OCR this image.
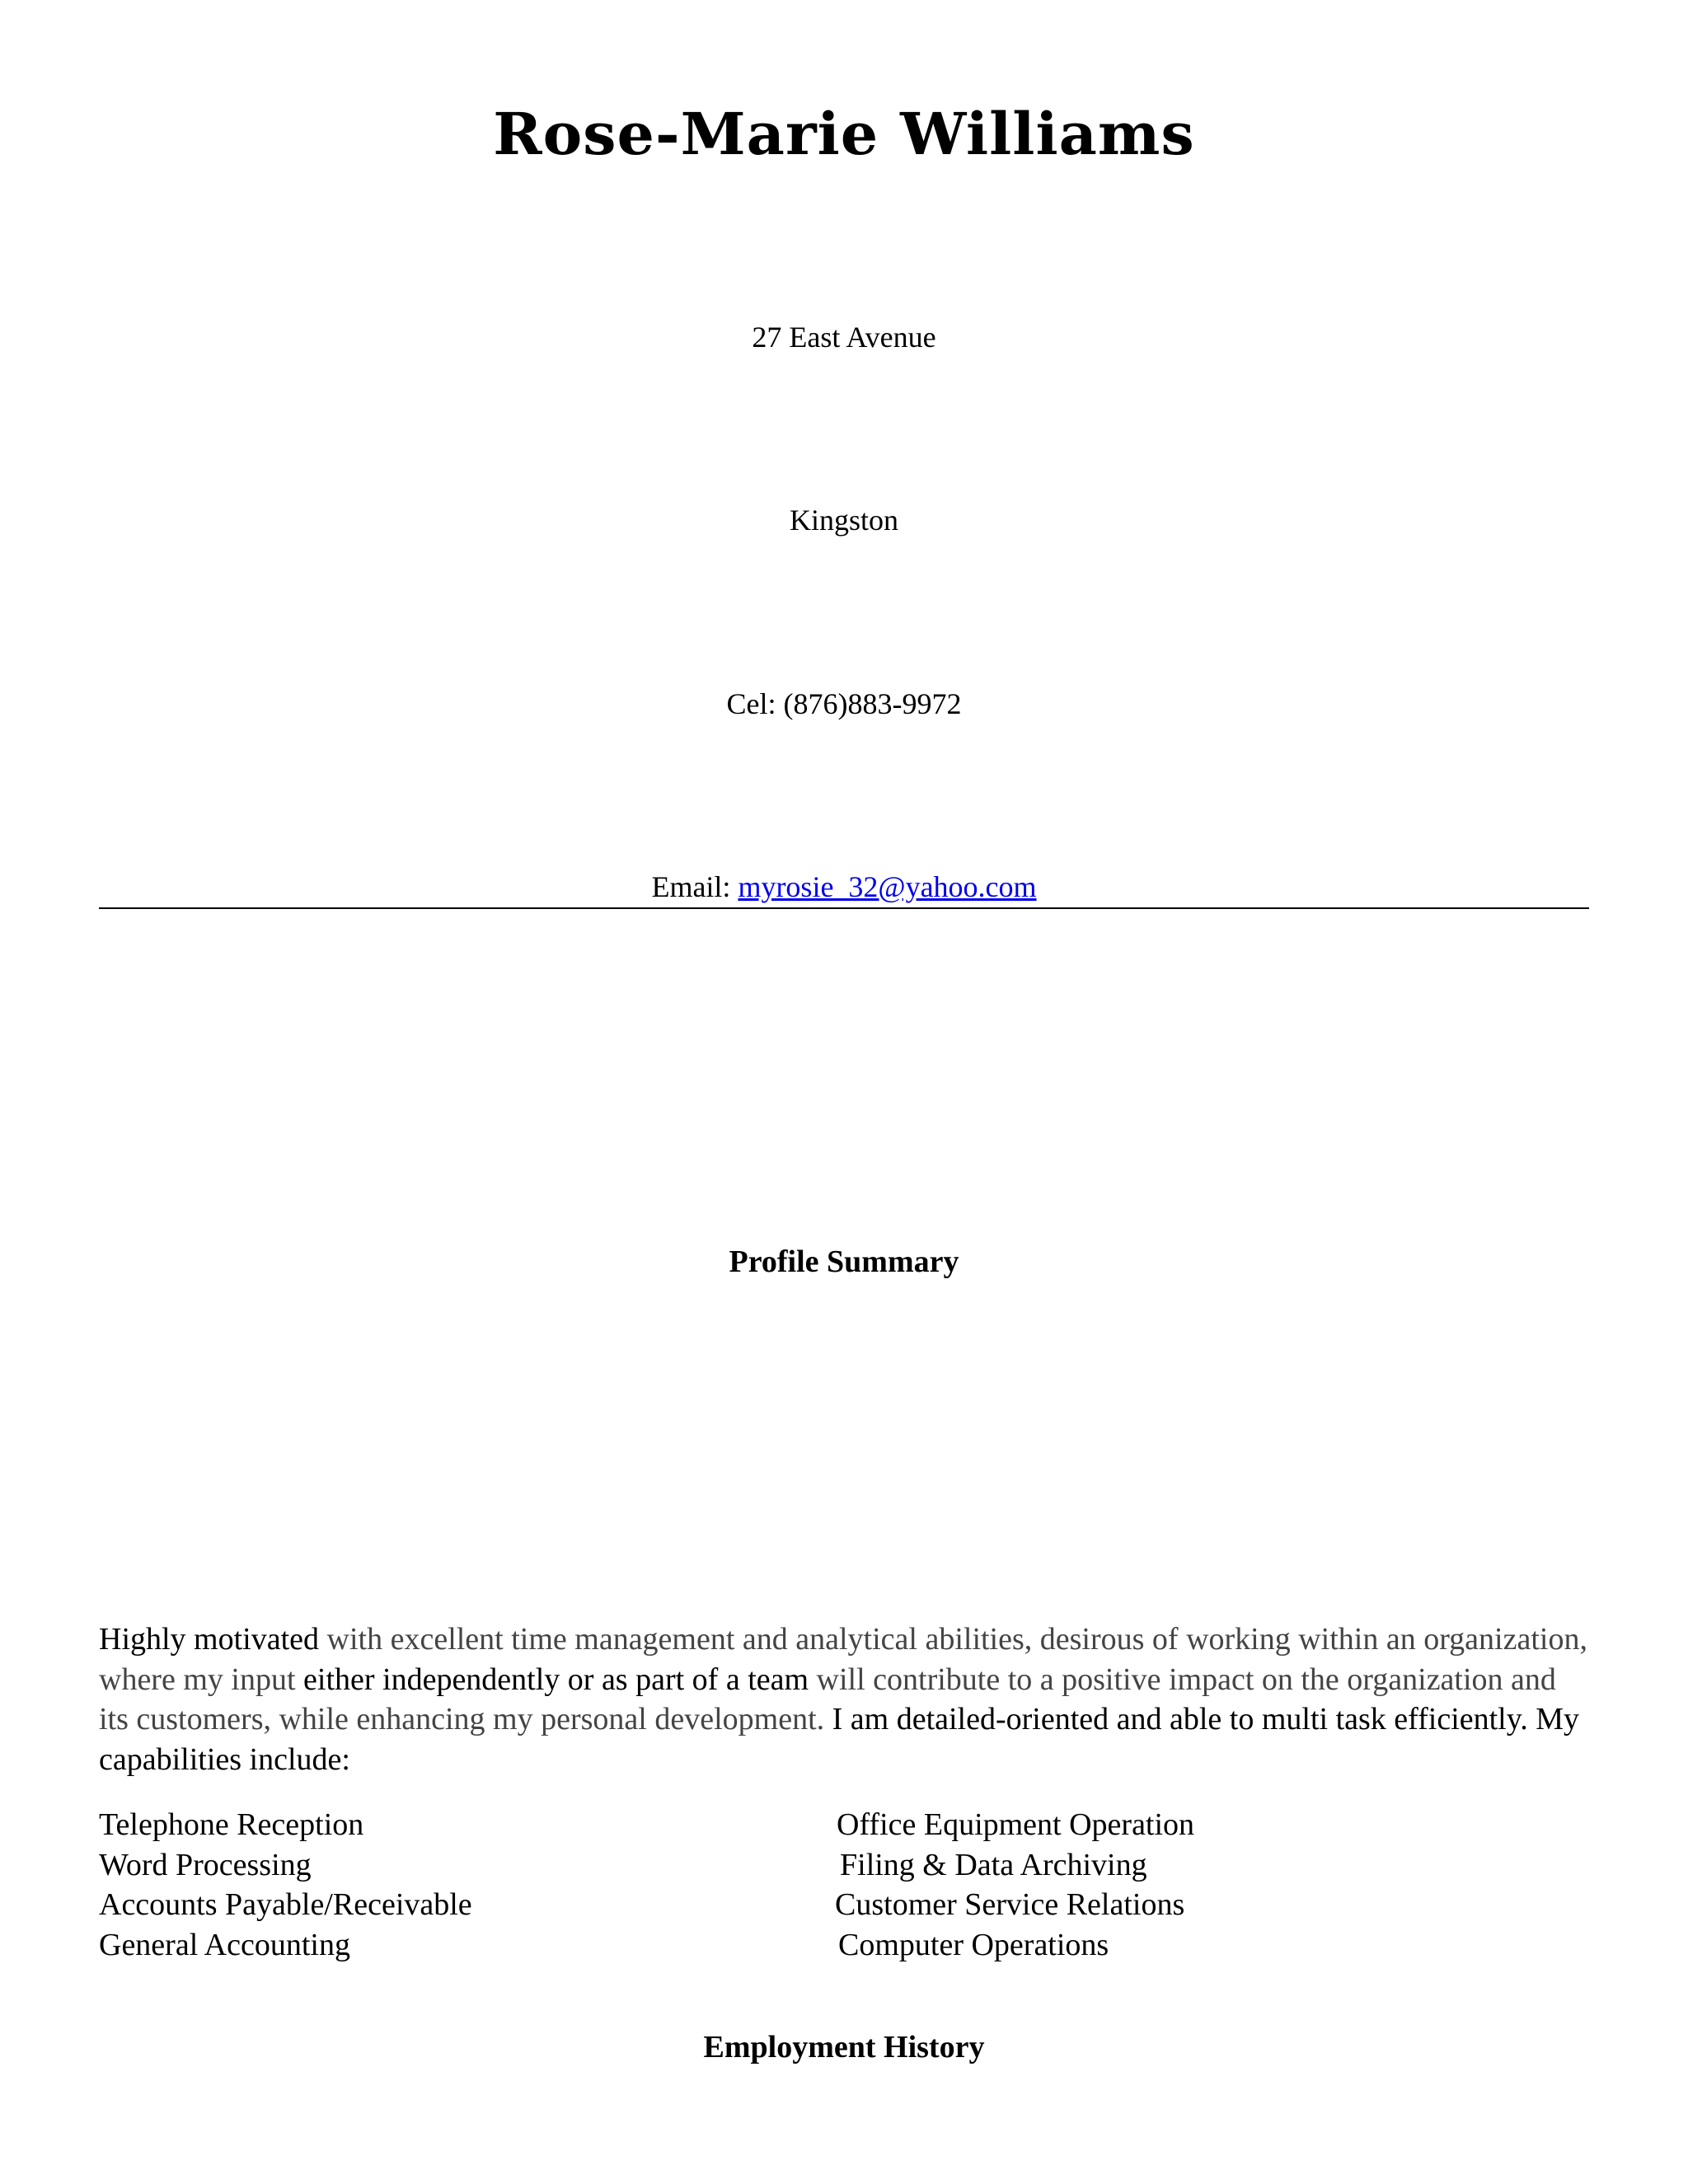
Rose-Marie Williams
27 East Avenue
Kingston
Cel: (876)883-9972
Email: myrosie_32@yahoo.com
Profile Summary
Highly motivated with excellent time management and analytical abilities, desirous of working within an organization, where my input either independently or as part of a team will contribute to a positive impact on the organization and its customers, while enhancing my personal development. I am detailed-oriented and able to multi task efficiently. My capabilities include:
Telephone Reception	Office Equipment Operation
Word Processing	Filing & Data Archiving
Accounts Payable/Receivable	Customer Service Relations
General Accounting	Computer Operations
Employment History
